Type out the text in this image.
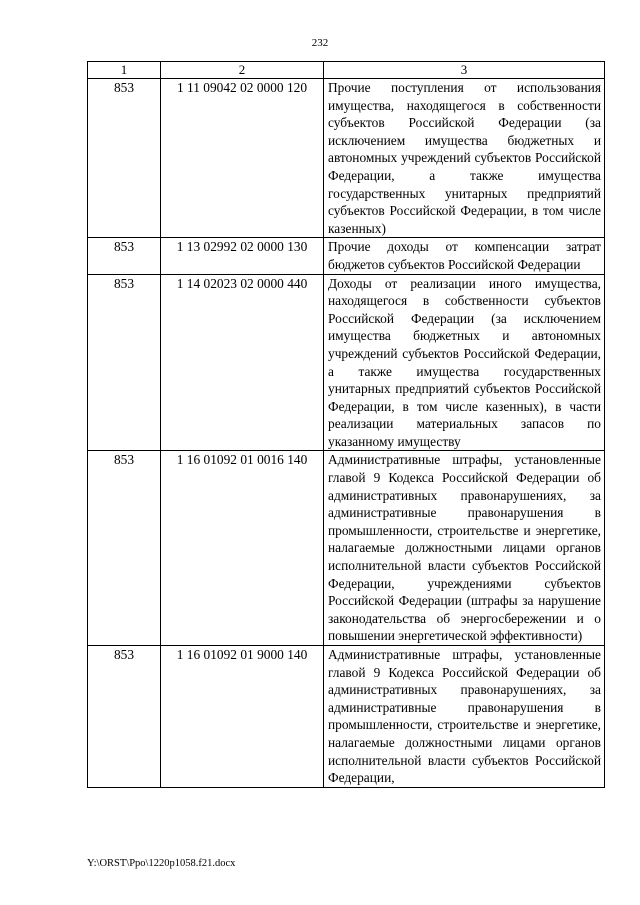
232
1	2	3
853	1 11 09042 02 0000 120	Прочие поступления от использования имущества, находящегося в собственности субъектов Российской Федерации (за исключением имущества бюджетных и автономных учреждений субъектов Российской Федерации, а также имущества государственных унитарных предприятий субъектов Российской Федерации, в том числе казенных)
853	1 13 02992 02 0000 130	Прочие доходы от компенсации затрат бюджетов субъектов Российской Федерации
853	1 14 02023 02 0000 440	Доходы от реализации иного имущества, находящегося в собственности субъектов Российской Федерации (за исключением имущества бюджетных и автономных учреждений субъектов Российской Федерации, а также имущества государственных унитарных предприятий субъектов Российской Федерации, в том числе казенных), в части реализации материальных запасов по указанному имуществу
853	1 16 01092 01 0016 140	Административные штрафы, установленные главой 9 Кодекса Российской Федерации об административных правонарушениях, за административные правонарушения в промышленности, строительстве и энергетике, налагаемые должностными лицами органов исполнительной власти субъектов Российской Федерации, учреждениями субъектов Российской Федерации (штрафы за нарушение законодательства об энергосбережении и о повышении энергетической эффективности)
853	1 16 01092 01 9000 140	Административные штрафы, установленные главой 9 Кодекса Российской Федерации об административных правонарушениях, за административные правонарушения в промышленности, строительстве и энергетике, налагаемые должностными лицами органов исполнительной власти субъектов Российской Федерации,
Y:\ORST\Ppo\1220p1058.f21.docx
